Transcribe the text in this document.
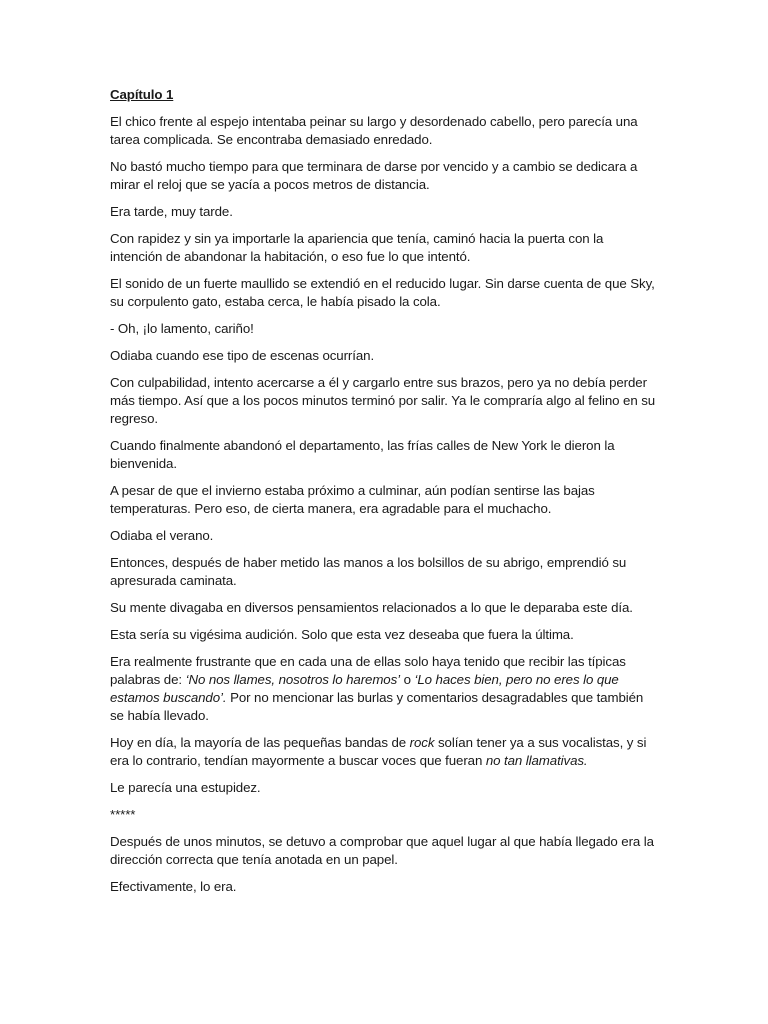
Capítulo 1

El chico frente al espejo intentaba peinar su largo y desordenado cabello, pero parecía una tarea complicada. Se encontraba demasiado enredado.

No bastó mucho tiempo para que terminara de darse por vencido y a cambio se dedicara a mirar el reloj que se yacía a pocos metros de distancia.

Era tarde, muy tarde.

Con rapidez y sin ya importarle la apariencia que tenía, caminó hacia la puerta con la intención de abandonar la habitación, o eso fue lo que intentó.

El sonido de un fuerte maullido se extendió en el reducido lugar. Sin darse cuenta de que Sky, su corpulento gato, estaba cerca, le había pisado la cola.

- Oh, ¡lo lamento, cariño!

Odiaba cuando ese tipo de escenas ocurrían.

Con culpabilidad, intento acercarse a él y cargarlo entre sus brazos, pero ya no debía perder más tiempo. Así que a los pocos minutos terminó por salir. Ya le compraría algo al felino en su regreso.

Cuando finalmente abandonó el departamento, las frías calles de New York le dieron la bienvenida.

A pesar de que el invierno estaba próximo a culminar, aún podían sentirse las bajas temperaturas. Pero eso, de cierta manera, era agradable para el muchacho.

Odiaba el verano.

Entonces, después de haber metido las manos a los bolsillos de su abrigo, emprendió su apresurada caminata.

Su mente divagaba en diversos pensamientos relacionados a lo que le deparaba este día.

Esta sería su vigésima audición. Solo que esta vez deseaba que fuera la última.

Era realmente frustrante que en cada una de ellas solo haya tenido que recibir las típicas palabras de: ‘No nos llames, nosotros lo haremos’ o ‘Lo haces bien, pero no eres lo que estamos buscando’. Por no mencionar las burlas y comentarios desagradables que también se había llevado.

Hoy en día, la mayoría de las pequeñas bandas de rock solían tener ya a sus vocalistas, y si era lo contrario, tendían mayormente a buscar voces que fueran no tan llamativas.

Le parecía una estupidez.

*****

Después de unos minutos, se detuvo a comprobar que aquel lugar al que había llegado era la dirección correcta que tenía anotada en un papel.

Efectivamente, lo era.
